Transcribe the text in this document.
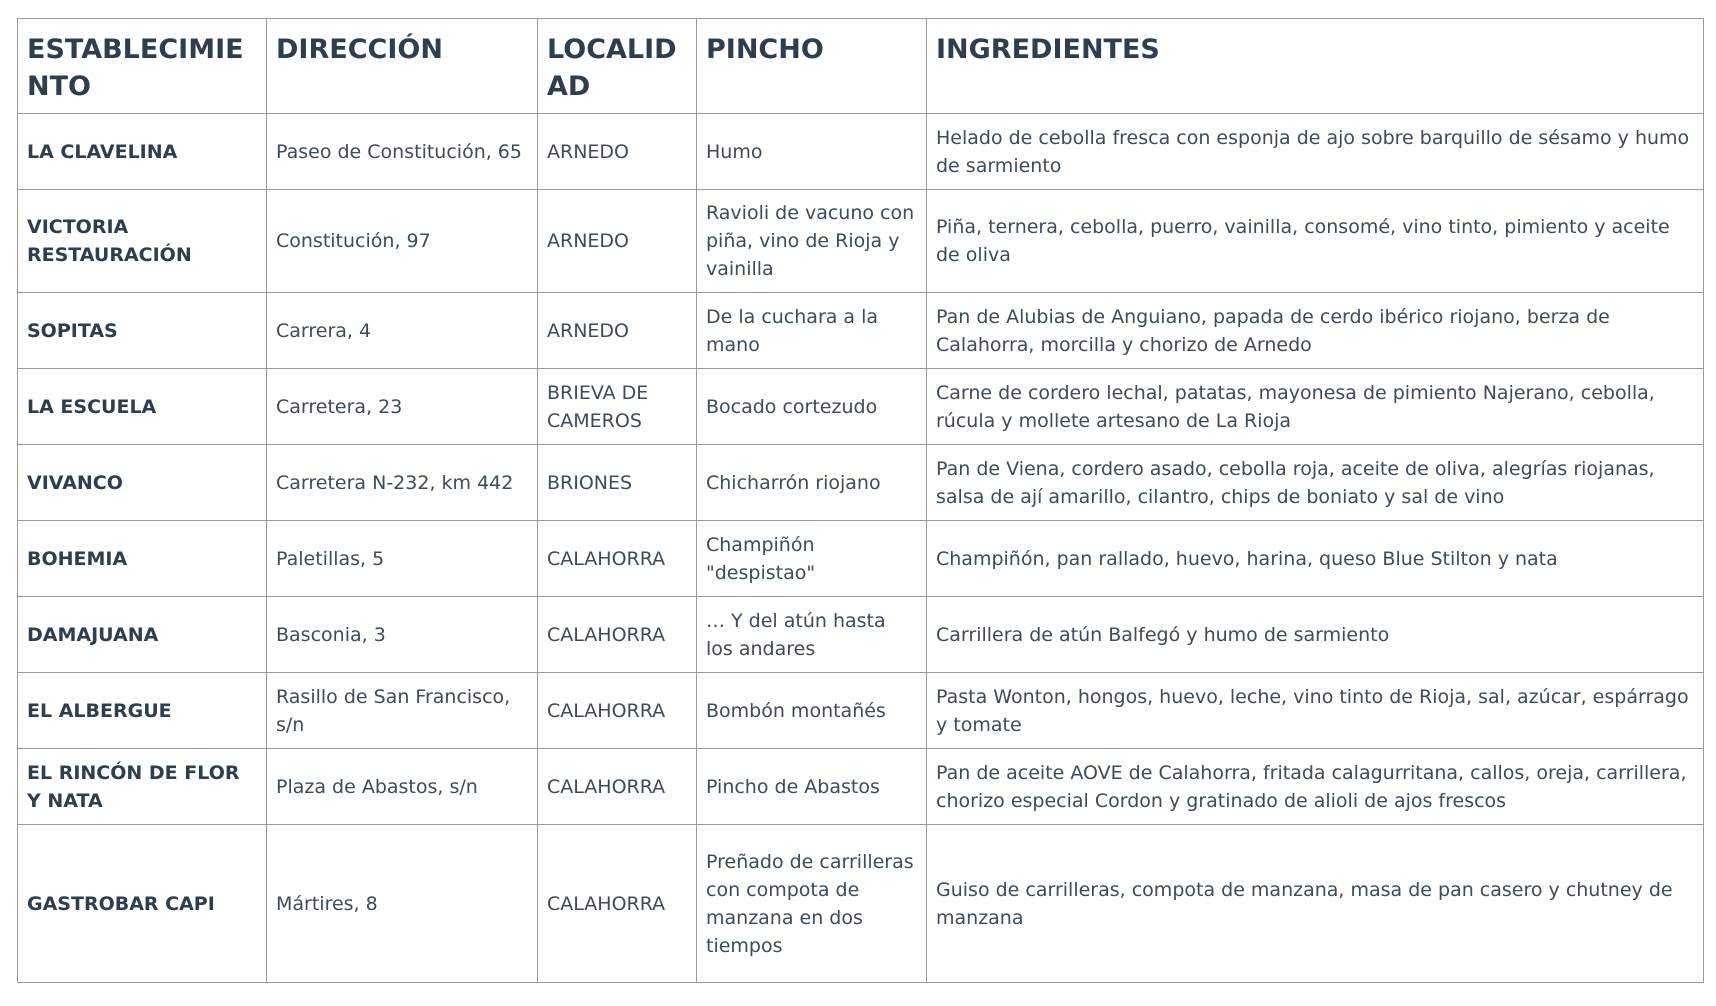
ESTABLECIMIENTO	DIRECCIÓN	LOCALIDAD	PINCHO	INGREDIENTES
LA CLAVELINA	Paseo de Constitución, 65	ARNEDO	Humo	Helado de cebolla fresca con esponja de ajo sobre barquillo de sésamo y humo de sarmiento
VICTORIA RESTAURACIÓN	Constitución, 97	ARNEDO	Ravioli de vacuno con piña, vino de Rioja y vainilla	Piña, ternera, cebolla, puerro, vainilla, consomé, vino tinto, pimiento y aceite de oliva
SOPITAS	Carrera, 4	ARNEDO	De la cuchara a la mano	Pan de Alubias de Anguiano, papada de cerdo ibérico riojano, berza de Calahorra, morcilla y chorizo de Arnedo
LA ESCUELA	Carretera, 23	BRIEVA DE CAMEROS	Bocado cortezudo	Carne de cordero lechal, patatas, mayonesa de pimiento Najerano, cebolla, rúcula y mollete artesano de La Rioja
VIVANCO	Carretera N-232, km 442	BRIONES	Chicharrón riojano	Pan de Viena, cordero asado, cebolla roja, aceite de oliva, alegrías riojanas, salsa de ají amarillo, cilantro, chips de boniato y sal de vino
BOHEMIA	Paletillas, 5	CALAHORRA	Champiñón "despistao"	Champiñón, pan rallado, huevo, harina, queso Blue Stilton y nata
DAMAJUANA	Basconia, 3	CALAHORRA	… Y del atún hasta los andares	Carrillera de atún Balfegó y humo de sarmiento
EL ALBERGUE	Rasillo de San Francisco, s/n	CALAHORRA	Bombón montañés	Pasta Wonton, hongos, huevo, leche, vino tinto de Rioja, sal, azúcar, espárrago y tomate
EL RINCÓN DE FLOR Y NATA	Plaza de Abastos, s/n	CALAHORRA	Pincho de Abastos	Pan de aceite AOVE de Calahorra, fritada calagurritana, callos, oreja, carrillera, chorizo especial Cordon y gratinado de alioli de ajos frescos
GASTROBAR CAPI	Mártires, 8	CALAHORRA	Preñado de carrilleras con compota de manzana en dos tiempos	Guiso de carrilleras, compota de manzana, masa de pan casero y chutney de manzana
